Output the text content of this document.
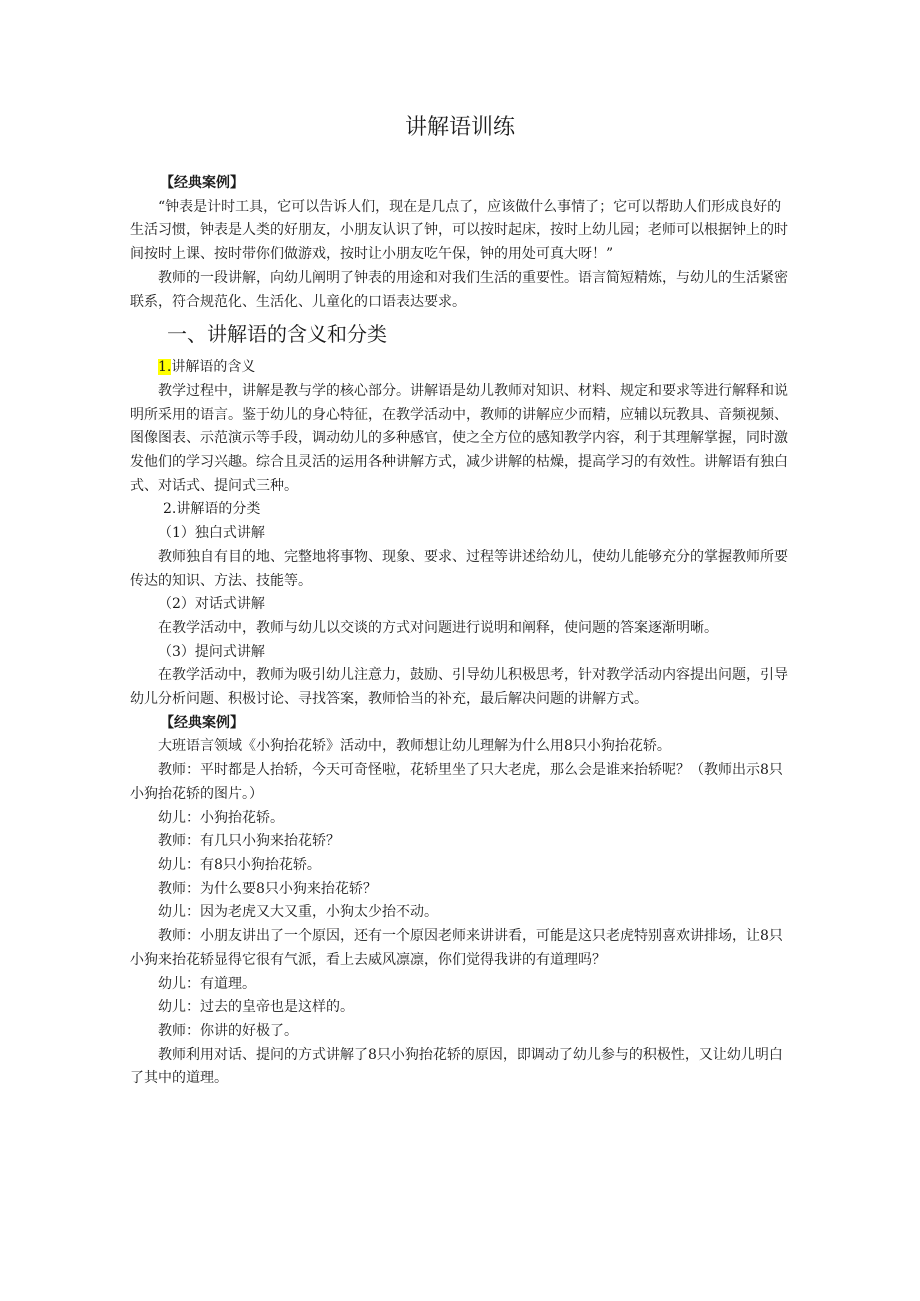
讲解语训练

【经典案例】

“钟表是计时工具，它可以告诉人们，现在是几点了，应该做什么事情了；它可以帮助人们形成良好的生活习惯，钟表是人类的好朋友，小朋友认识了钟，可以按时起床，按时上幼儿园；老师可以根据钟上的时间按时上课、按时带你们做游戏，按时让小朋友吃午保，钟的用处可真大呀！”

教师的一段讲解，向幼儿阐明了钟表的用途和对我们生活的重要性。语言简短精炼，与幼儿的生活紧密联系，符合规范化、生活化、儿童化的口语表达要求。

一、讲解语的含义和分类

1.讲解语的含义

教学过程中，讲解是教与学的核心部分。讲解语是幼儿教师对知识、材料、规定和要求等进行解释和说明所采用的语言。鉴于幼儿的身心特征，在教学活动中，教师的讲解应少而精，应辅以玩教具、音频视频、图像图表、示范演示等手段，调动幼儿的多种感官，使之全方位的感知教学内容，利于其理解掌握，同时激发他们的学习兴趣。综合且灵活的运用各种讲解方式，减少讲解的枯燥，提高学习的有效性。讲解语有独白式、对话式、提问式三种。

2.讲解语的分类

（1）独白式讲解

教师独自有目的地、完整地将事物、现象、要求、过程等讲述给幼儿，使幼儿能够充分的掌握教师所要传达的知识、方法、技能等。

（2）对话式讲解

在教学活动中，教师与幼儿以交谈的方式对问题进行说明和阐释，使问题的答案逐渐明晰。

（3）提问式讲解

在教学活动中，教师为吸引幼儿注意力，鼓励、引导幼儿积极思考，针对教学活动内容提出问题，引导幼儿分析问题、积极讨论、寻找答案，教师恰当的补充，最后解决问题的讲解方式。

【经典案例】

大班语言领域《小狗抬花轿》活动中，教师想让幼儿理解为什么用8只小狗抬花轿。

教师：平时都是人抬轿，今天可奇怪啦，花轿里坐了只大老虎，那么会是谁来抬轿呢？（教师出示8只小狗抬花轿的图片。）

幼儿：小狗抬花轿。

教师：有几只小狗来抬花轿？

幼儿：有8只小狗抬花轿。

教师：为什么要8只小狗来抬花轿？

幼儿：因为老虎又大又重，小狗太少抬不动。

教师：小朋友讲出了一个原因，还有一个原因老师来讲讲看，可能是这只老虎特别喜欢讲排场，让8只小狗来抬花轿显得它很有气派，看上去威风凛凛，你们觉得我讲的有道理吗？

幼儿：有道理。

幼儿：过去的皇帝也是这样的。

教师：你讲的好极了。

教师利用对话、提问的方式讲解了8只小狗抬花轿的原因，即调动了幼儿参与的积极性，又让幼儿明白了其中的道理。
